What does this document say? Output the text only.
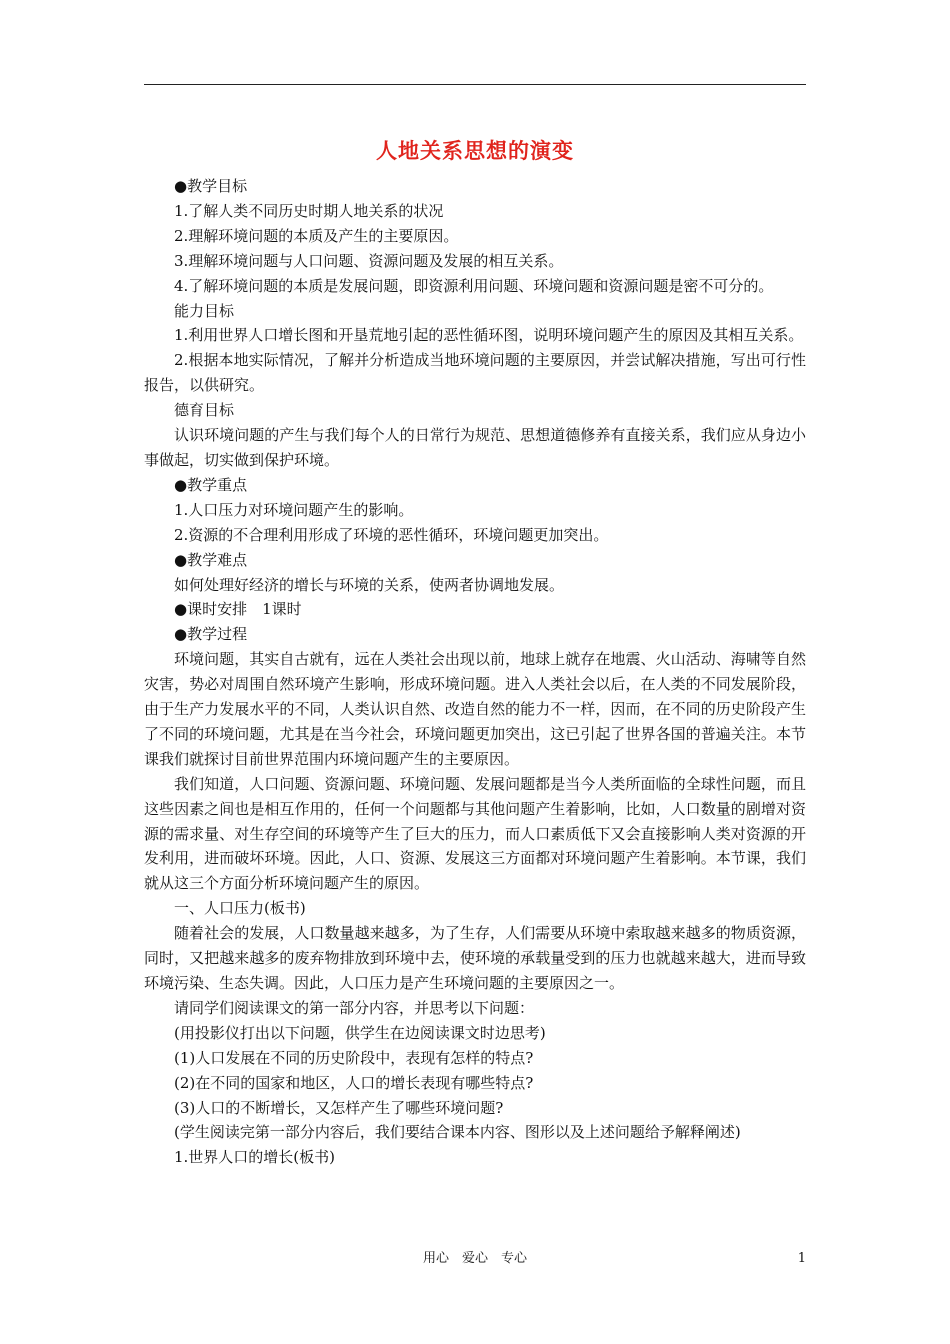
人地关系思想的演变

●教学目标

1.了解人类不同历史时期人地关系的状况

2.理解环境问题的本质及产生的主要原因。

3.理解环境问题与人口问题、资源问题及发展的相互关系。

4.了解环境问题的本质是发展问题，即资源利用问题、环境问题和资源问题是密不可分的。

能力目标

1.利用世界人口增长图和开垦荒地引起的恶性循环图，说明环境问题产生的原因及其相互关系。

2.根据本地实际情况，了解并分析造成当地环境问题的主要原因，并尝试解决措施，写出可行性报告，以供研究。

德育目标

认识环境问题的产生与我们每个人的日常行为规范、思想道德修养有直接关系，我们应从身边小事做起，切实做到保护环境。

●教学重点

1.人口压力对环境问题产生的影响。

2.资源的不合理利用形成了环境的恶性循环，环境问题更加突出。

●教学难点

如何处理好经济的增长与环境的关系，使两者协调地发展。

●课时安排　1课时

●教学过程

环境问题，其实自古就有，远在人类社会出现以前，地球上就存在地震、火山活动、海啸等自然灾害，势必对周围自然环境产生影响，形成环境问题。进入人类社会以后，在人类的不同发展阶段，由于生产力发展水平的不同，人类认识自然、改造自然的能力不一样，因而，在不同的历史阶段产生了不同的环境问题，尤其是在当今社会，环境问题更加突出，这已引起了世界各国的普遍关注。本节课我们就探讨目前世界范围内环境问题产生的主要原因。

我们知道，人口问题、资源问题、环境问题、发展问题都是当今人类所面临的全球性问题，而且这些因素之间也是相互作用的，任何一个问题都与其他问题产生着影响，比如，人口数量的剧增对资源的需求量、对生存空间的环境等产生了巨大的压力，而人口素质低下又会直接影响人类对资源的开发利用，进而破坏环境。因此，人口、资源、发展这三方面都对环境问题产生着影响。本节课，我们就从这三个方面分析环境问题产生的原因。

一、人口压力(板书)

随着社会的发展，人口数量越来越多，为了生存，人们需要从环境中索取越来越多的物质资源，同时，又把越来越多的废弃物排放到环境中去，使环境的承载量受到的压力也就越来越大，进而导致环境污染、生态失调。因此，人口压力是产生环境问题的主要原因之一。

请同学们阅读课文的第一部分内容，并思考以下问题：

(用投影仪打出以下问题，供学生在边阅读课文时边思考)

(1)人口发展在不同的历史阶段中，表现有怎样的特点?

(2)在不同的国家和地区，人口的增长表现有哪些特点?

(3)人口的不断增长，又怎样产生了哪些环境问题?

(学生阅读完第一部分内容后，我们要结合课本内容、图形以及上述问题给予解释阐述)

1.世界人口的增长(板书)

用心　爱心　专心	1
